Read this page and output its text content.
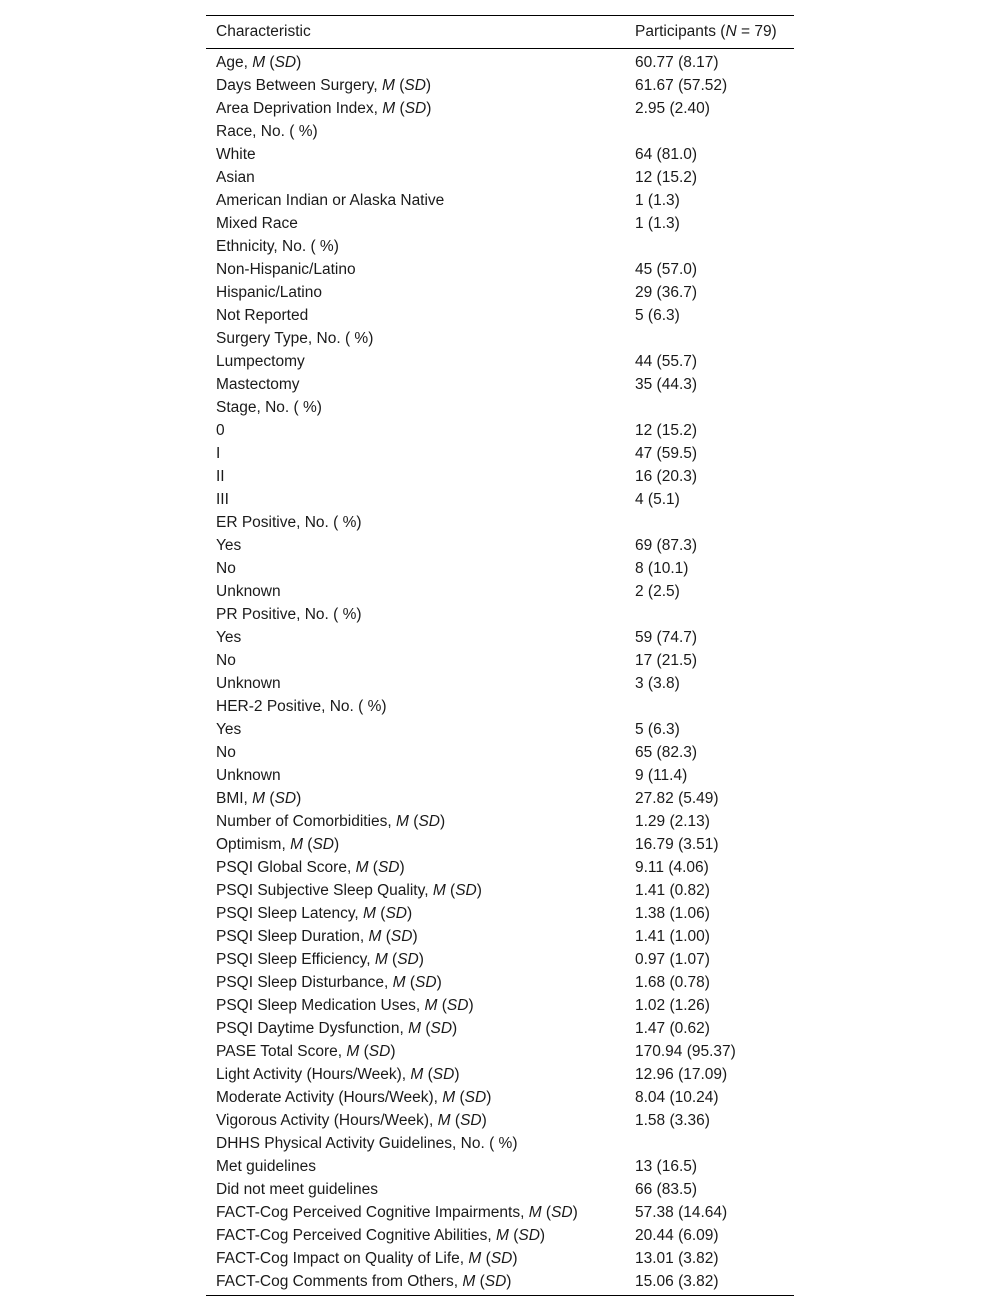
Characteristic	Participants (N = 79)
Age, M (SD)	60.77 (8.17)
Days Between Surgery, M (SD)	61.67 (57.52)
Area Deprivation Index, M (SD)	2.95 (2.40)
Race, No. ( %)	
White	64 (81.0)
Asian	12 (15.2)
American Indian or Alaska Native	1 (1.3)
Mixed Race	1 (1.3)
Ethnicity, No. ( %)	
Non-Hispanic/Latino	45 (57.0)
Hispanic/Latino	29 (36.7)
Not Reported	5 (6.3)
Surgery Type, No. ( %)	
Lumpectomy	44 (55.7)
Mastectomy	35 (44.3)
Stage, No. ( %)	
0	12 (15.2)
I	47 (59.5)
II	16 (20.3)
III	4 (5.1)
ER Positive, No. ( %)	
Yes	69 (87.3)
No	8 (10.1)
Unknown	2 (2.5)
PR Positive, No. ( %)	
Yes	59 (74.7)
No	17 (21.5)
Unknown	3 (3.8)
HER-2 Positive, No. ( %)	
Yes	5 (6.3)
No	65 (82.3)
Unknown	9 (11.4)
BMI, M (SD)	27.82 (5.49)
Number of Comorbidities, M (SD)	1.29 (2.13)
Optimism, M (SD)	16.79 (3.51)
PSQI Global Score, M (SD)	9.11 (4.06)
PSQI Subjective Sleep Quality, M (SD)	1.41 (0.82)
PSQI Sleep Latency, M (SD)	1.38 (1.06)
PSQI Sleep Duration, M (SD)	1.41 (1.00)
PSQI Sleep Efficiency, M (SD)	0.97 (1.07)
PSQI Sleep Disturbance, M (SD)	1.68 (0.78)
PSQI Sleep Medication Uses, M (SD)	1.02 (1.26)
PSQI Daytime Dysfunction, M (SD)	1.47 (0.62)
PASE Total Score, M (SD)	170.94 (95.37)
Light Activity (Hours/Week), M (SD)	12.96 (17.09)
Moderate Activity (Hours/Week), M (SD)	8.04 (10.24)
Vigorous Activity (Hours/Week), M (SD)	1.58 (3.36)
DHHS Physical Activity Guidelines, No. ( %)	
Met guidelines	13 (16.5)
Did not meet guidelines	66 (83.5)
FACT-Cog Perceived Cognitive Impairments, M (SD)	57.38 (14.64)
FACT-Cog Perceived Cognitive Abilities, M (SD)	20.44 (6.09)
FACT-Cog Impact on Quality of Life, M (SD)	13.01 (3.82)
FACT-Cog Comments from Others, M (SD)	15.06 (3.82)
